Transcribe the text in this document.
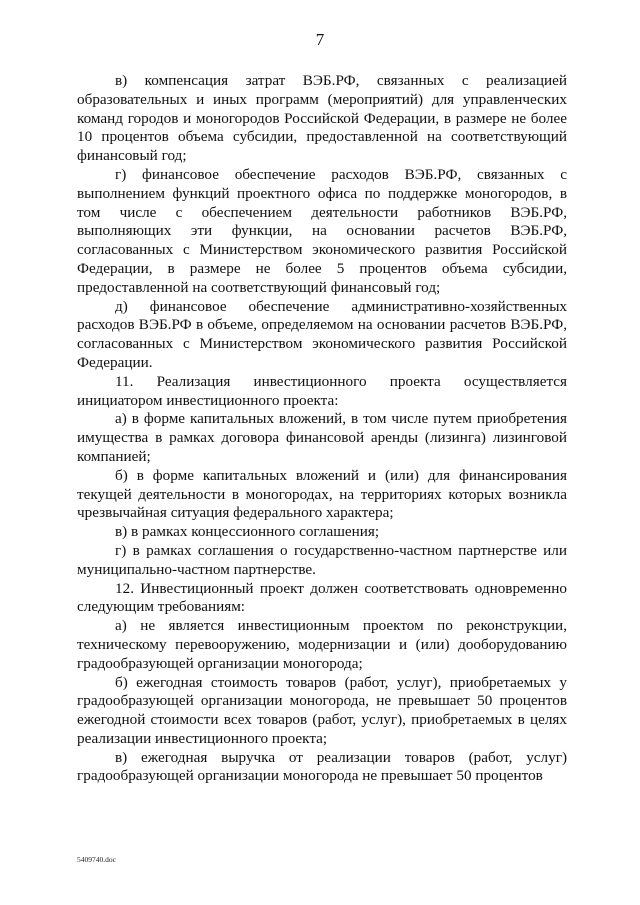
7

в) компенсация затрат ВЭБ.РФ, связанных с реализацией образовательных и иных программ (мероприятий) для управленческих команд городов и моногородов Российской Федерации, в размере не более 10 процентов объема субсидии, предоставленной на соответствующий финансовый год;

г) финансовое обеспечение расходов ВЭБ.РФ, связанных с выполнением функций проектного офиса по поддержке моногородов, в том числе с обеспечением деятельности работников ВЭБ.РФ, выполняющих эти функции, на основании расчетов ВЭБ.РФ, согласованных с Министерством экономического развития Российской Федерации, в размере не более 5 процентов объема субсидии, предоставленной на соответствующий финансовый год;

д) финансовое обеспечение административно-хозяйственных расходов ВЭБ.РФ в объеме, определяемом на основании расчетов ВЭБ.РФ, согласованных с Министерством экономического развития Российской Федерации.

11. Реализация инвестиционного проекта осуществляется инициатором инвестиционного проекта:

а) в форме капитальных вложений, в том числе путем приобретения имущества в рамках договора финансовой аренды (лизинга) лизинговой компанией;

б) в форме капитальных вложений и (или) для финансирования текущей деятельности в моногородах, на территориях которых возникла чрезвычайная ситуация федерального характера;

в) в рамках концессионного соглашения;

г) в рамках соглашения о государственно-частном партнерстве или муниципально-частном партнерстве.

12. Инвестиционный проект должен соответствовать одновременно следующим требованиям:

а) не является инвестиционным проектом по реконструкции, техническому перевооружению, модернизации и (или) дооборудованию градообразующей организации моногорода;

б) ежегодная стоимость товаров (работ, услуг), приобретаемых у градообразующей организации моногорода, не превышает 50 процентов ежегодной стоимости всех товаров (работ, услуг), приобретаемых в целях реализации инвестиционного проекта;

в) ежегодная выручка от реализации товаров (работ, услуг) градообразующей организации моногорода не превышает 50 процентов

5409740.doc
